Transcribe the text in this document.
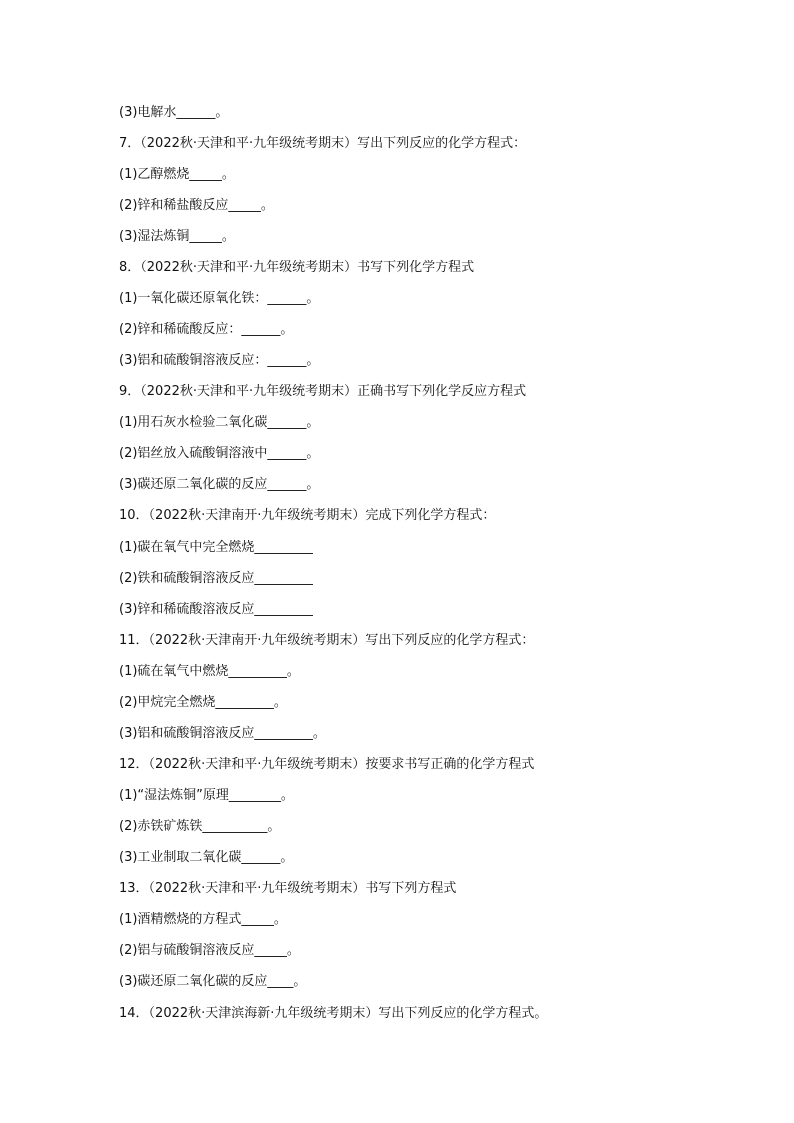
(3)电解水______。
7．（2022秋·天津和平·九年级统考期末）写出下列反应的化学方程式：
(1)乙醇燃烧_____。
(2)锌和稀盐酸反应_____。
(3)湿法炼铜_____。
8．（2022秋·天津和平·九年级统考期末）书写下列化学方程式
(1)一氧化碳还原氧化铁：______。
(2)锌和稀硫酸反应：______。
(3)铝和硫酸铜溶液反应：______。
9．（2022秋·天津和平·九年级统考期末）正确书写下列化学反应方程式
(1)用石灰水检验二氧化碳______。
(2)铝丝放入硫酸铜溶液中______。
(3)碳还原二氧化碳的反应______。
10．（2022秋·天津南开·九年级统考期末）完成下列化学方程式：
(1)碳在氧气中完全燃烧_________
(2)铁和硫酸铜溶液反应_________
(3)锌和稀硫酸溶液反应_________
11．（2022秋·天津南开·九年级统考期末）写出下列反应的化学方程式：
(1)硫在氧气中燃烧_________。
(2)甲烷完全燃烧_________。
(3)铝和硫酸铜溶液反应_________。
12．（2022秋·天津和平·九年级统考期末）按要求书写正确的化学方程式
(1)“湿法炼铜”原理________。
(2)赤铁矿炼铁__________。
(3)工业制取二氧化碳______。
13．（2022秋·天津和平·九年级统考期末）书写下列方程式
(1)酒精燃烧的方程式_____。
(2)铝与硫酸铜溶液反应_____。
(3)碳还原二氧化碳的反应____。
14．（2022秋·天津滨海新·九年级统考期末）写出下列反应的化学方程式。
